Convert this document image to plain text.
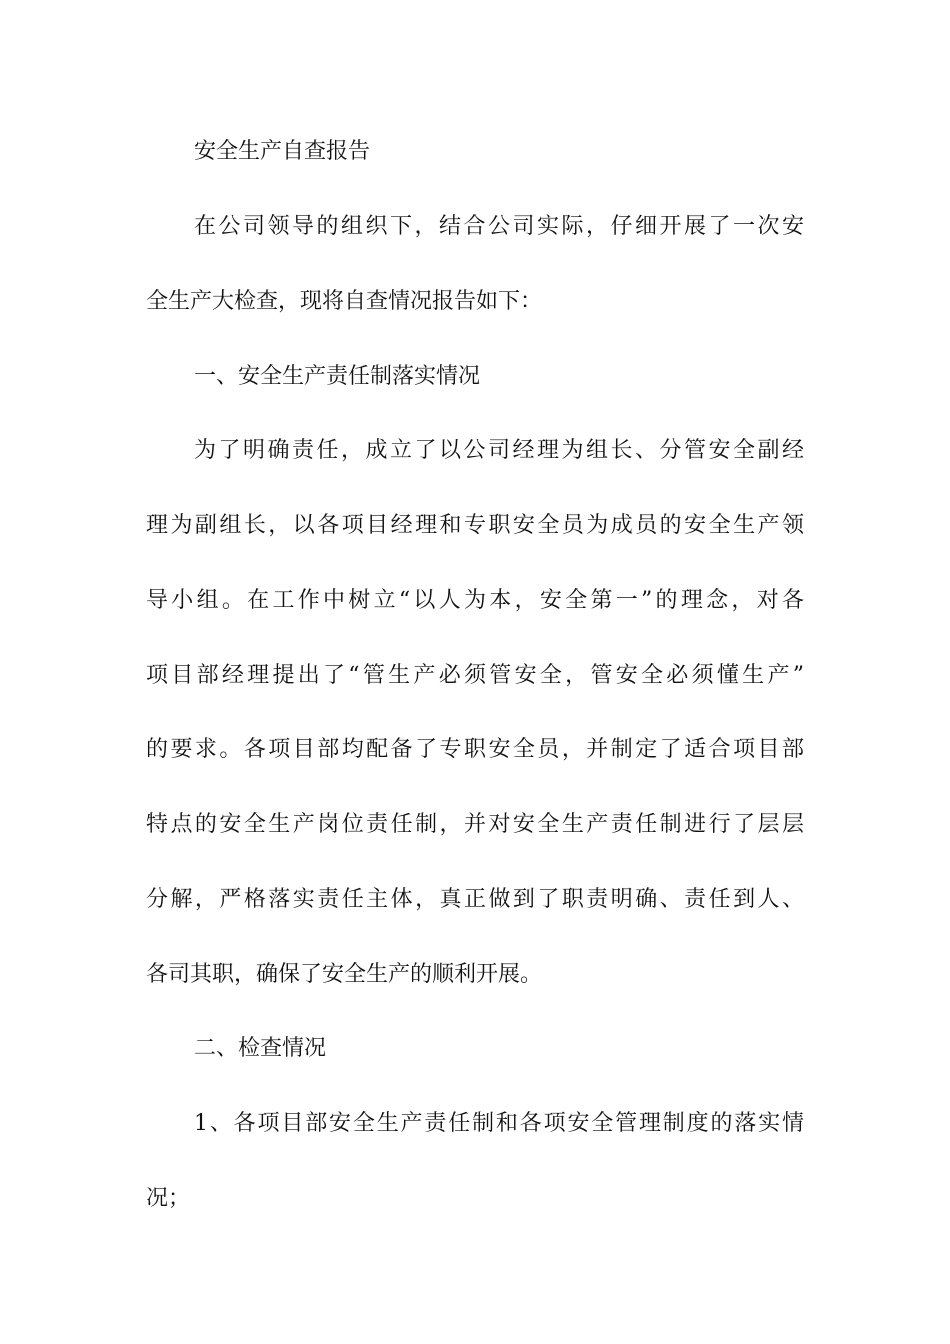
安全生产自查报告

在公司领导的组织下，结合公司实际，仔细开展了一次安

全生产大检查，现将自查情况报告如下：

一、安全生产责任制落实情况

为了明确责任，成立了以公司经理为组长、分管安全副经

理为副组长，以各项目经理和专职安全员为成员的安全生产领

导小组。在工作中树立“以人为本，安全第一”的理念，对各

项目部经理提出了“管生产必须管安全，管安全必须懂生产”

的要求。各项目部均配备了专职安全员，并制定了适合项目部

特点的安全生产岗位责任制，并对安全生产责任制进行了层层

分解，严格落实责任主体，真正做到了职责明确、责任到人、

各司其职，确保了安全生产的顺利开展。

二、检查情况

1、各项目部安全生产责任制和各项安全管理制度的落实情

况；
